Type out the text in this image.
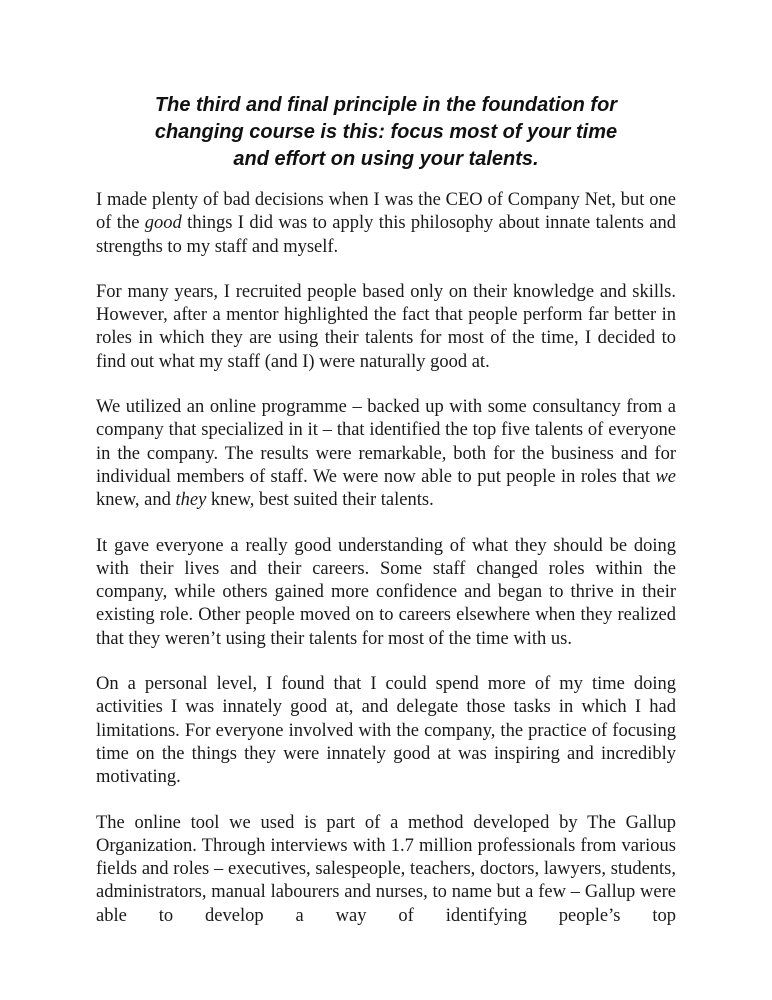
The third and final principle in the foundation for
changing course is this: focus most of your time
and effort on using your talents.

I made plenty of bad decisions when I was the CEO of Company Net, but one of the good things I did was to apply this philosophy about innate talents and strengths to my staff and myself.

For many years, I recruited people based only on their knowledge and skills. However, after a mentor highlighted the fact that people perform far better in roles in which they are using their talents for most of the time, I decided to find out what my staff (and I) were naturally good at.

We utilized an online programme – backed up with some consultancy from a company that specialized in it – that identified the top five talents of everyone in the company. The results were remarkable, both for the business and for individual members of staff. We were now able to put people in roles that we knew, and they knew, best suited their talents.

It gave everyone a really good understanding of what they should be doing with their lives and their careers. Some staff changed roles within the company, while others gained more confidence and began to thrive in their existing role. Other people moved on to careers elsewhere when they realized that they weren’t using their talents for most of the time with us.

On a personal level, I found that I could spend more of my time doing activities I was innately good at, and delegate those tasks in which I had limitations. For everyone involved with the company, the practice of focusing time on the things they were innately good at was inspiring and incredibly motivating.

The online tool we used is part of a method developed by The Gallup Organization. Through interviews with 1.7 million professionals from various fields and roles – executives, salespeople, teachers, doctors, lawyers, students, administrators, manual labourers and nurses, to name but a few – Gallup were able to develop a way of identifying people’s top
